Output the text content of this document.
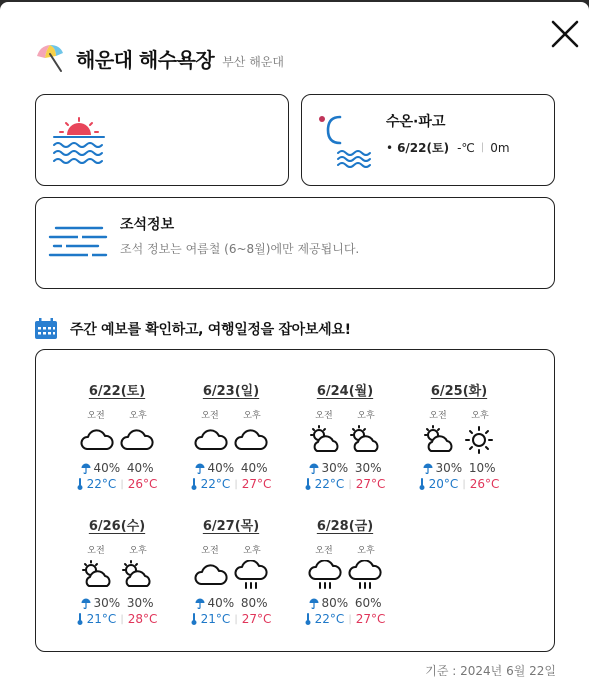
해운대 해수욕장 부산 해운대
수온·파고
• 6/22(토) -℃ | 0m
조석정보
조석 정보는 여름철 (6~8월)에만 제공됩니다.
주간 예보를 확인하고, 여행일정을 잡아보세요!
6/22(토)
오전	오후
40% 40%
22°C | 26°C
6/23(일)
오전	오후
40% 40%
22°C | 27°C
6/24(월)
오전	오후
30% 30%
22°C | 27°C
6/25(화)
오전	오후
30% 10%
20°C | 26°C
6/26(수)
오전	오후
30% 30%
21°C | 28°C
6/27(목)
오전	오후
40% 80%
21°C | 27°C
6/28(금)
오전	오후
80% 60%
22°C | 27°C
기준 : 2024년 6월 22일
